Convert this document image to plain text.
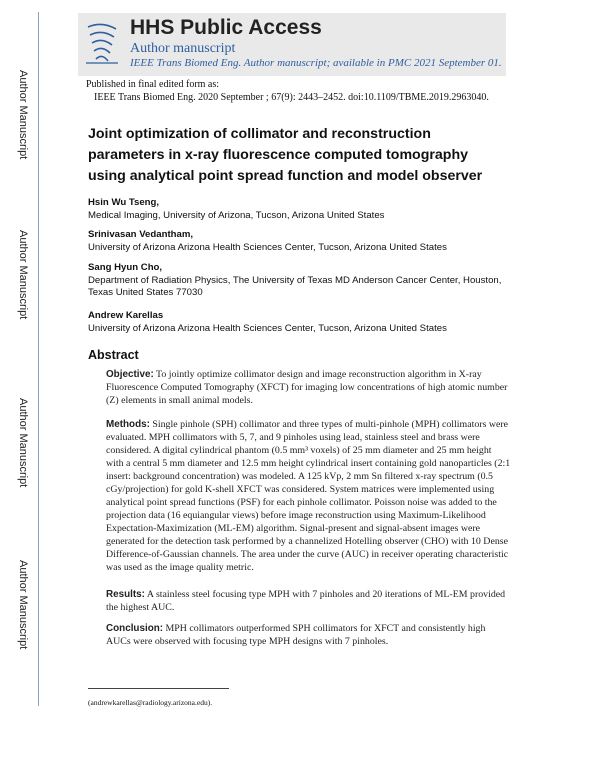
Author Manuscript
Author Manuscript
Author Manuscript
Author Manuscript
HHS Public Access
Author manuscript
IEEE Trans Biomed Eng. Author manuscript; available in PMC 2021 September 01.
Published in final edited form as:
IEEE Trans Biomed Eng. 2020 September ; 67(9): 2443–2452. doi:10.1109/TBME.2019.2963040.
Joint optimization of collimator and reconstruction parameters in x-ray fluorescence computed tomography using analytical point spread function and model observer
Hsin Wu Tseng,
Medical Imaging, University of Arizona, Tucson, Arizona United States
Srinivasan Vedantham,
University of Arizona Arizona Health Sciences Center, Tucson, Arizona United States
Sang Hyun Cho,
Department of Radiation Physics, The University of Texas MD Anderson Cancer Center, Houston, Texas United States 77030
Andrew Karellas
University of Arizona Arizona Health Sciences Center, Tucson, Arizona United States
Abstract
Objective: To jointly optimize collimator design and image reconstruction algorithm in X-ray Fluorescence Computed Tomography (XFCT) for imaging low concentrations of high atomic number (Z) elements in small animal models.
Methods: Single pinhole (SPH) collimator and three types of multi-pinhole (MPH) collimators were evaluated. MPH collimators with 5, 7, and 9 pinholes using lead, stainless steel and brass were considered. A digital cylindrical phantom (0.5 mm³ voxels) of 25 mm diameter and 25 mm height with a central 5 mm diameter and 12.5 mm height cylindrical insert containing gold nanoparticles (2:1 insert: background concentration) was modeled. A 125 kVp, 2 mm Sn filtered x-ray spectrum (0.5 cGy/projection) for gold K-shell XFCT was considered. System matrices were implemented using analytical point spread functions (PSF) for each pinhole collimator. Poisson noise was added to the projection data (16 equiangular views) before image reconstruction using Maximum-Likelihood Expectation-Maximization (ML-EM) algorithm. Signal-present and signal-absent images were generated for the detection task performed by a channelized Hotelling observer (CHO) with 10 Dense Difference-of-Gaussian channels. The area under the curve (AUC) in receiver operating characteristic was used as the image quality metric.
Results: A stainless steel focusing type MPH with 7 pinholes and 20 iterations of ML-EM provided the highest AUC.
Conclusion: MPH collimators outperformed SPH collimators for XFCT and consistently high AUCs were observed with focusing type MPH designs with 7 pinholes.
(andrewkarellas@radiology.arizona.edu).
